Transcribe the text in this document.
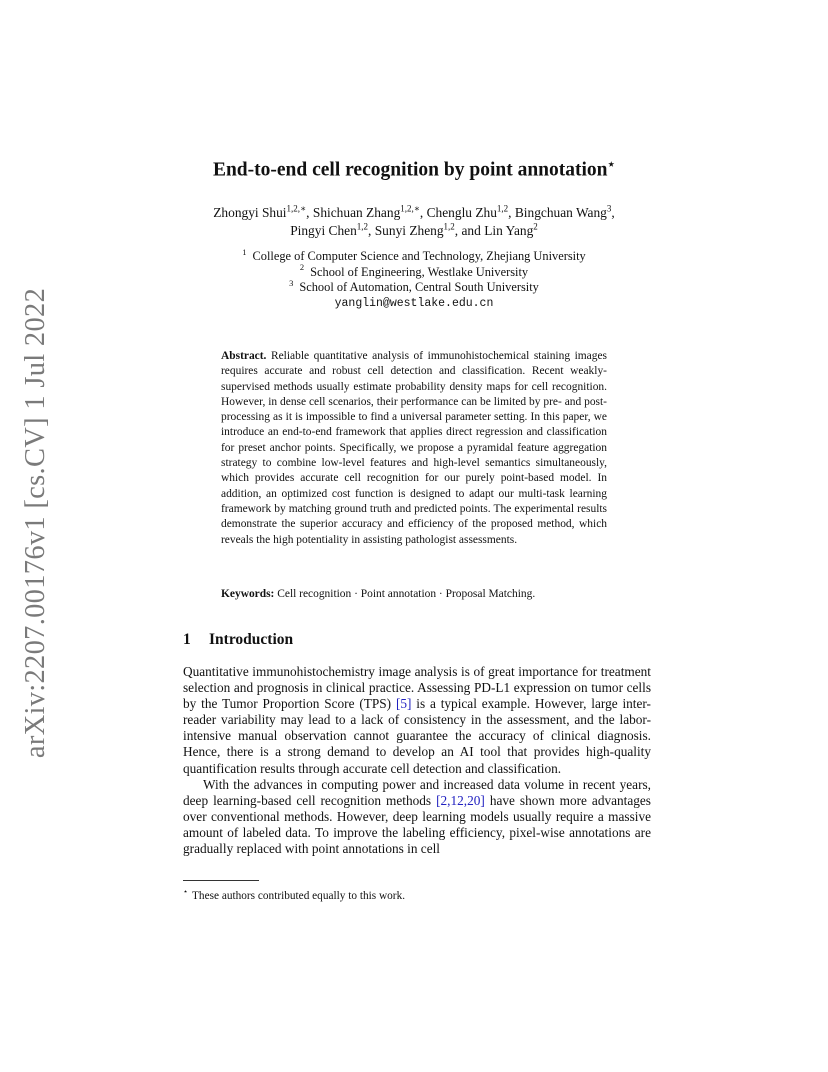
arXiv:2207.00176v1 [cs.CV] 1 Jul 2022
End-to-end cell recognition by point annotation⋆
Zhongyi Shui$^{1,2,∗}$, Shichuan Zhang$^{1,2,∗}$, Chenglu Zhu$^{1,2}$, Bingchuan Wang$^3$,
Pingyi Chen$^{1,2}$, Sunyi Zheng$^{1,2}$, and Lin Yang$^2$
$^1$ College of Computer Science and Technology, Zhejiang University
$^2$ School of Engineering, Westlake University
$^3$ School of Automation, Central South University
yanglin@westlake.edu.cn
Abstract. Reliable quantitative analysis of immunohistochemical staining images requires accurate and robust cell detection and classification. Recent weakly-supervised methods usually estimate probability density maps for cell recognition. However, in dense cell scenarios, their performance can be limited by pre- and post-processing as it is impossible to find a universal parameter setting. In this paper, we introduce an end-to-end framework that applies direct regression and classification for preset anchor points. Specifically, we propose a pyramidal feature aggregation strategy to combine low-level features and high-level semantics simultaneously, which provides accurate cell recognition for our purely point-based model. In addition, an optimized cost function is designed to adapt our multi-task learning framework by matching ground truth and predicted points. The experimental results demonstrate the superior accuracy and efficiency of the proposed method, which reveals the high potentiality in assisting pathologist assessments.
Keywords: Cell recognition · Point annotation · Proposal Matching.
1 Introduction

Quantitative immunohistochemistry image analysis is of great importance for treatment selection and prognosis in clinical practice. Assessing PD-L1 expression on tumor cells by the Tumor Proportion Score (TPS) [5] is a typical example. However, large inter-reader variability may lead to a lack of consistency in the assessment, and the labor-intensive manual observation cannot guarantee the accuracy of clinical diagnosis. Hence, there is a strong demand to develop an AI tool that provides high-quality quantification results through accurate cell detection and classification.

With the advances in computing power and increased data volume in recent years, deep learning-based cell recognition methods [2,12,20] have shown more advantages over conventional methods. However, deep learning models usually require a massive amount of labeled data. To improve the labeling efficiency, pixel-wise annotations are gradually replaced with point annotations in cell

⋆ These authors contributed equally to this work.
